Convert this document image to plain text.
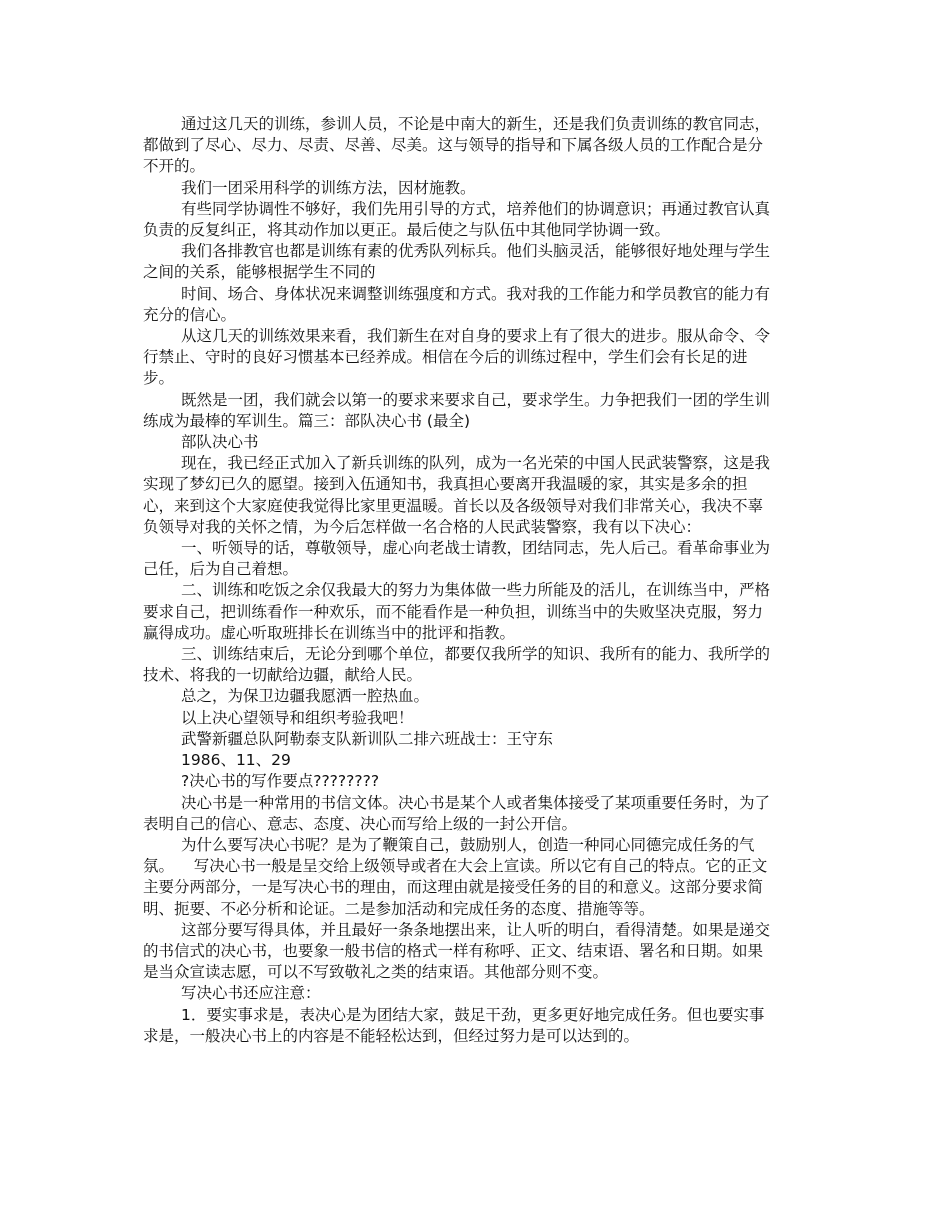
通过这几天的训练，参训人员，不论是中南大的新生，还是我们负责训练的教官同志，
都做到了尽心、尽力、尽责、尽善、尽美。这与领导的指导和下属各级人员的工作配合是分
不开的。
我们一团采用科学的训练方法，因材施教。
有些同学协调性不够好，我们先用引导的方式，培养他们的协调意识；再通过教官认真
负责的反复纠正，将其动作加以更正。最后使之与队伍中其他同学协调一致。
我们各排教官也都是训练有素的优秀队列标兵。他们头脑灵活，能够很好地处理与学生
之间的关系，能够根据学生不同的
时间、场合、身体状况来调整训练强度和方式。我对我的工作能力和学员教官的能力有
充分的信心。
从这几天的训练效果来看，我们新生在对自身的要求上有了很大的进步。服从命令、令
行禁止、守时的良好习惯基本已经养成。相信在今后的训练过程中，学生们会有长足的进
步。
既然是一团，我们就会以第一的要求来要求自己，要求学生。力争把我们一团的学生训
练成为最棒的军训生。篇三：部队决心书 (最全)
部队决心书
现在，我已经正式加入了新兵训练的队列，成为一名光荣的中国人民武装警察，这是我
实现了梦幻已久的愿望。接到入伍通知书，我真担心要离开我温暖的家，其实是多余的担
心，来到这个大家庭使我觉得比家里更温暖。首长以及各级领导对我们非常关心，我决不辜
负领导对我的关怀之情，为今后怎样做一名合格的人民武装警察，我有以下决心：
一、听领导的话，尊敬领导，虚心向老战士请教，团结同志，先人后己。看革命事业为
己任，后为自己着想。
二、训练和吃饭之余仅我最大的努力为集体做一些力所能及的活儿，在训练当中，严格
要求自己，把训练看作一种欢乐，而不能看作是一种负担，训练当中的失败坚决克服，努力
赢得成功。虚心听取班排长在训练当中的批评和指教。
三、训练结束后，无论分到哪个单位，都要仅我所学的知识、我所有的能力、我所学的
技术、将我的一切献给边疆，献给人民。
总之，为保卫边疆我愿洒一腔热血。
以上决心望领导和组织考验我吧！
武警新疆总队阿勒泰支队新训队二排六班战士：王守东
1986、11、29
?决心书的写作要点????????
决心书是一种常用的书信文体。决心书是某个人或者集体接受了某项重要任务时，为了
表明自己的信心、意志、态度、决心而写给上级的一封公开信。
为什么要写决心书呢？是为了鞭策自己，鼓励别人，创造一种同心同德完成任务的气
氛。    写决心书一般是呈交给上级领导或者在大会上宣读。所以它有自己的特点。它的正文
主要分两部分，一是写决心书的理由，而这理由就是接受任务的目的和意义。这部分要求简
明、扼要、不必分析和论证。二是参加活动和完成任务的态度、措施等等。
这部分要写得具体，并且最好一条条地摆出来，让人听的明白，看得清楚。如果是递交
的书信式的决心书，也要象一般书信的格式一样有称呼、正文、结束语、署名和日期。如果
是当众宣读志愿，可以不写致敬礼之类的结束语。其他部分则不变。
写决心书还应注意：
1．要实事求是，表决心是为团结大家，鼓足干劲，更多更好地完成任务。但也要实事
求是，一般决心书上的内容是不能轻松达到，但经过努力是可以达到的。
